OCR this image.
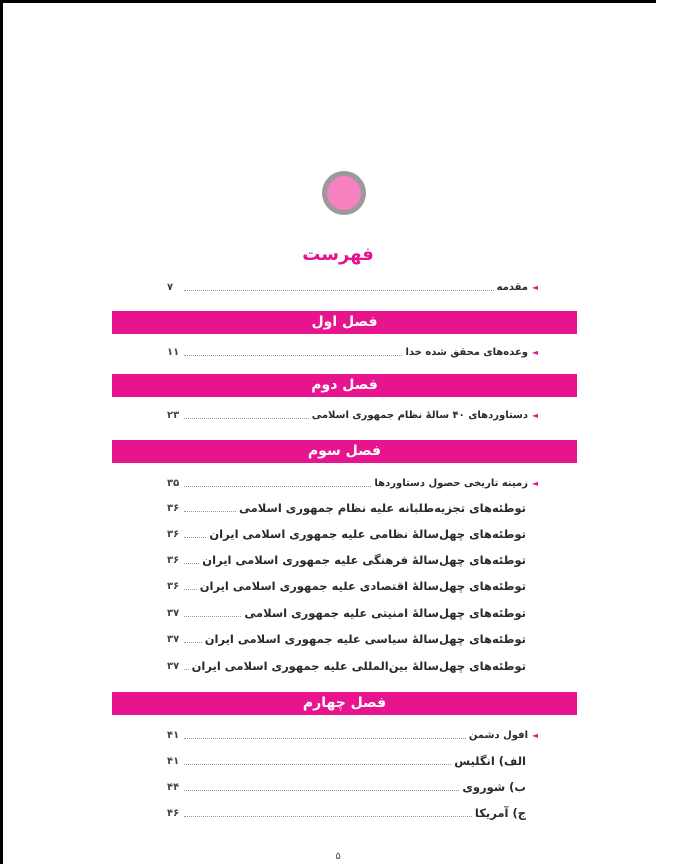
فهرست
◄
مقدمه
۷
فصل اول
◄
وعده‌های محقق شده خدا
۱۱
فصل دوم
◄
دستاوردهای ۴۰ سالۀ نظام جمهوری اسلامی
۲۳
فصل سوم
◄
زمینه تاریخی حصول دستاوردها
۳۵
توطئه‌های تجزیه‌طلبانه علیه نظام جمهوری اسلامی
۳۶
توطئه‌های چهل‌سالۀ نظامی علیه جمهوری اسلامی ایران
۳۶
توطئه‌های چهل‌سالۀ فرهنگی علیه جمهوری اسلامی ایران
۳۶
توطئه‌های چهل‌سالۀ اقتصادی علیه جمهوری اسلامی ایران
۳۶
توطئه‌های چهل‌سالۀ امنیتی علیه جمهوری اسلامی
۳۷
توطئه‌های چهل‌سالۀ سیاسی علیه جمهوری اسلامی ایران
۳۷
توطئه‌های چهل‌سالۀ بین‌المللی علیه جمهوری اسلامی ایران
۳۷
فصل چهارم
◄
افول دشمن
۴۱
الف) انگلیس
۴۱
ب) شوروی
۴۴
ج) آمریکا
۴۶
۵
